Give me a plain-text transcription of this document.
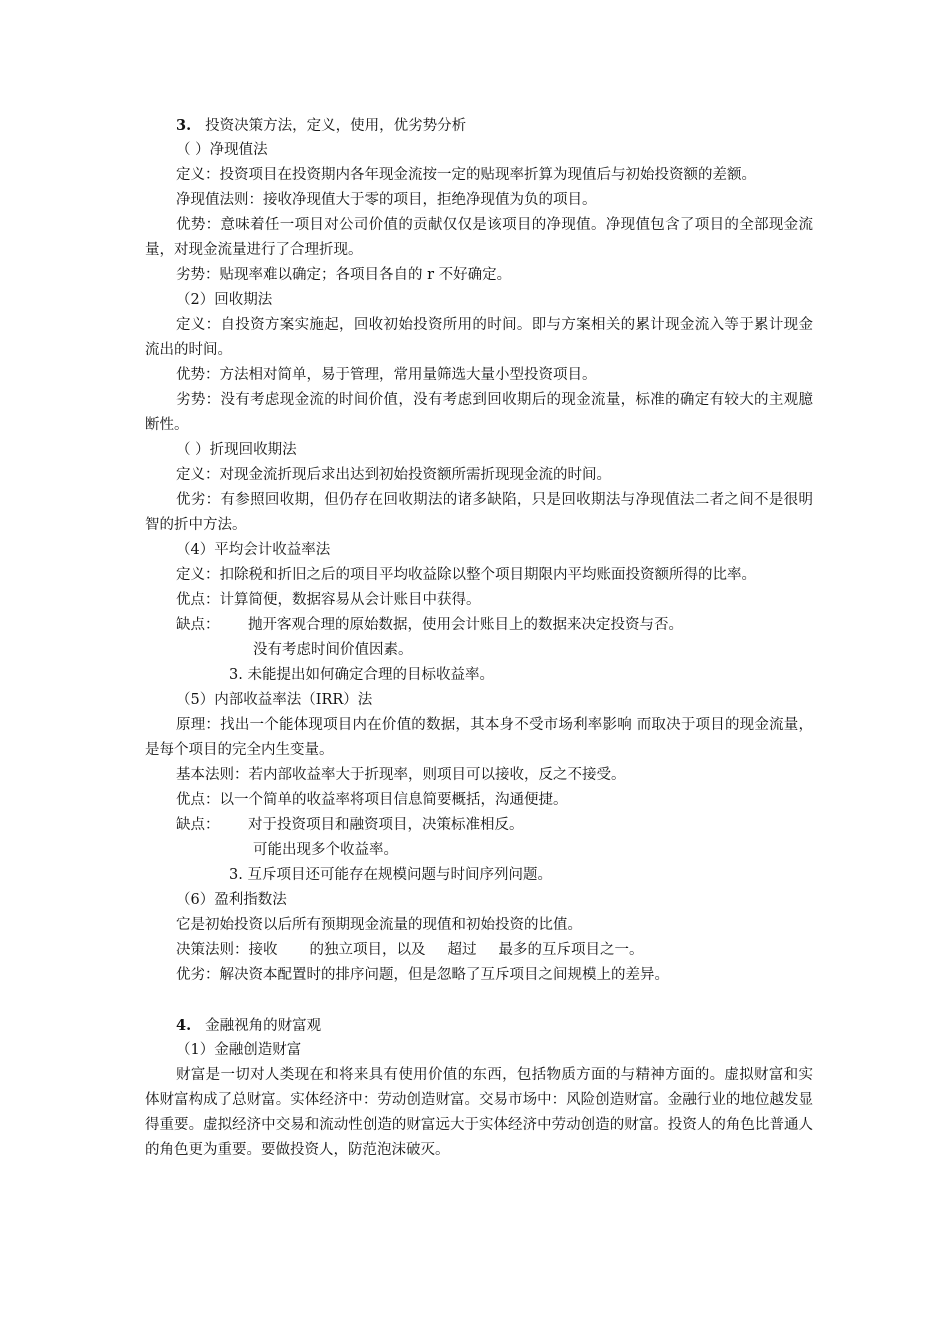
3. 投资决策方法，定义，使用，优劣势分析
（ ）净现值法
定义：投资项目在投资期内各年现金流按一定的贴现率折算为现值后与初始投资额的差额。
净现值法则：接收净现值大于零的项目，拒绝净现值为负的项目。
优势：意味着任一项目对公司价值的贡献仅仅是该项目的净现值。净现值包含了项目的全部现金流量，对现金流量进行了合理折现。
劣势：贴现率难以确定；各项目各自的 r 不好确定。
（2）回收期法
定义：自投资方案实施起，回收初始投资所用的时间。即与方案相关的累计现金流入等于累计现金流出的时间。
优势：方法相对简单，易于管理，常用量筛选大量小型投资项目。
劣势：没有考虑现金流的时间价值，没有考虑到回收期后的现金流量，标准的确定有较大的主观臆断性。
（ ）折现回收期法
定义：对现金流折现后求出达到初始投资额所需折现现金流的时间。
优劣：有参照回收期，但仍存在回收期法的诸多缺陷，只是回收期法与净现值法二者之间不是很明智的折中方法。
（4）平均会计收益率法
定义：扣除税和折旧之后的项目平均收益除以整个项目期限内平均账面投资额所得的比率。
优点：计算简便，数据容易从会计账目中获得。
缺点： 抛开客观合理的原始数据，使用会计账目上的数据来决定投资与否。
没有考虑时间价值因素。
3. 未能提出如何确定合理的目标收益率。
（5）内部收益率法（IRR）法
原理：找出一个能体现项目内在价值的数据，其本身不受市场利率影响 而取决于项目的现金流量，是每个项目的完全内生变量。
基本法则：若内部收益率大于折现率，则项目可以接收，反之不接受。
优点：以一个简单的收益率将项目信息简要概括，沟通便捷。
缺点： 对于投资项目和融资项目，决策标准相反。
可能出现多个收益率。
3. 互斥项目还可能存在规模问题与时间序列问题。
（6）盈利指数法
它是初始投资以后所有预期现金流量的现值和初始投资的比值。
决策法则：接收 的独立项目，以及 超过 最多的互斥项目之一。
优劣：解决资本配置时的排序问题，但是忽略了互斥项目之间规模上的差异。
4. 金融视角的财富观
（1）金融创造财富
财富是一切对人类现在和将来具有使用价值的东西，包括物质方面的与精神方面的。虚拟财富和实体财富构成了总财富。实体经济中：劳动创造财富。交易市场中：风险创造财富。金融行业的地位越发显得重要。虚拟经济中交易和流动性创造的财富远大于实体经济中劳动创造的财富。投资人的角色比普通人的角色更为重要。要做投资人，防范泡沫破灭。
